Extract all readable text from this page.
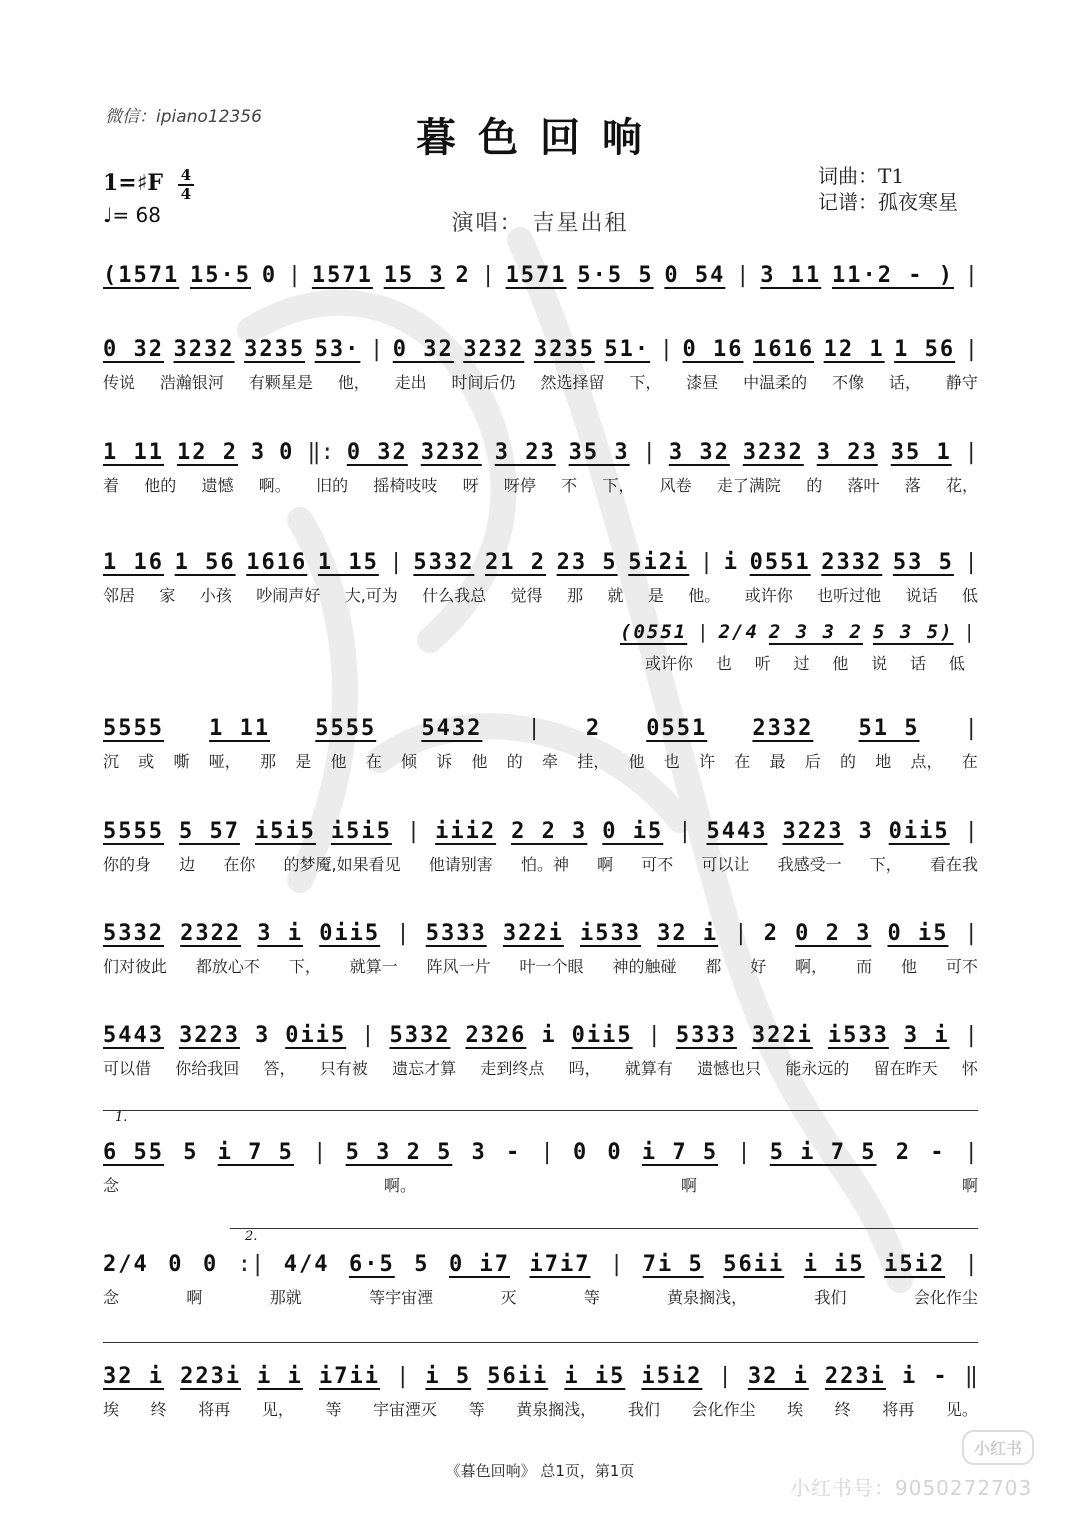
微信：ipiano12356	暮色回响
1=♯F	4
4
♩= 68
词曲：T1
记谱：孤夜寒星
演唱： 吉星出租
(1571 15·5 0 | 1571 15 3 2 | 1571 5·5 5 0 54 | 3 11 11·2 - ) |
0 32 3232 3235 53· | 0 32 3232 3235 51· | 0 16 1616 12 1 1 56 |
传说 浩瀚银河 有颗星是 他， 走出 时间后仍 然选择留 下， 漆昼 中温柔的 不像 话， 静守
1 11 12 2 3 0 ‖: 0 32 3232 3 23 35 3 | 3 32 3232 3 23 35 1 |
着 他的 遗憾 啊。 旧的 摇椅吱吱 呀 呀停 不 下， 风卷 走了满院 的 落叶 落 花，
1 16 1 56 1616 1 15 | 5332 21 2 23 5 5i2i | i 0551 2332 53 5 |
邻居 家 小孩 吵闹声好 大,可为 什么我总 觉得 那 就 是 他。 或许你 也听过他 说话 低
5555 1 11 5555 5432 | 2 0551 2332 51 5 |
沉 或 嘶 哑， 那 是 他 在 倾 诉 他 的 牵 挂， 他 也 许 在 最 后 的 地 点， 在
5555 5 57 i5i5 i5i5 | iii2 2 2 3 0 i5 | 5443 3223 3 0ii5 |
你的身 边 在你 的梦魇,如果看见 他请别害 怕。神 啊 可不 可以让 我感受一 下， 看在我
5332 2322 3 i 0ii5 | 5333 322i i533 32 i | 2 0 2 3 0 i5 |
们对彼此 都放心不 下， 就算一 阵风一片 叶一个眼 神的触碰 都 好 啊， 而 他 可不
5443 3223 3 0ii5 | 5332 2326 i 0ii5 | 5333 322i i533 3 i |
可以借 你给我回 答， 只有被 遗忘才算 走到终点 吗， 就算有 遗憾也只 能永远的 留在昨天 怀
6 55 5 i 7 5 | 5 3 2 5 3 - | 0 0 i 7 5 | 5 i 7 5 2 - |
念	啊。	啊	啊
2/4 0 0 :| 4/4 6·5 5 0 i7 i7i7 | 7i 5 56ii i i5 i5i2 |
念	啊	那就	等宇宙湮	灭	等	黄泉搁浅，	我们	会化作尘
32 i 223i i i i7ii | i 5 56ii i i5 i5i2 | 32 i 223i i - ‖
埃 终 将再 见， 等 宇宙湮灭 等 黄泉搁浅， 我们 会化作尘 埃 终 将再 见。
(0551 | 2/4 2 3 3 2 5 3 5) |
或许你 也 听 过 他 说 话 低
1.
2.
《暮色回响》 总1页，第1页
小红书
小红书号：9050272703
